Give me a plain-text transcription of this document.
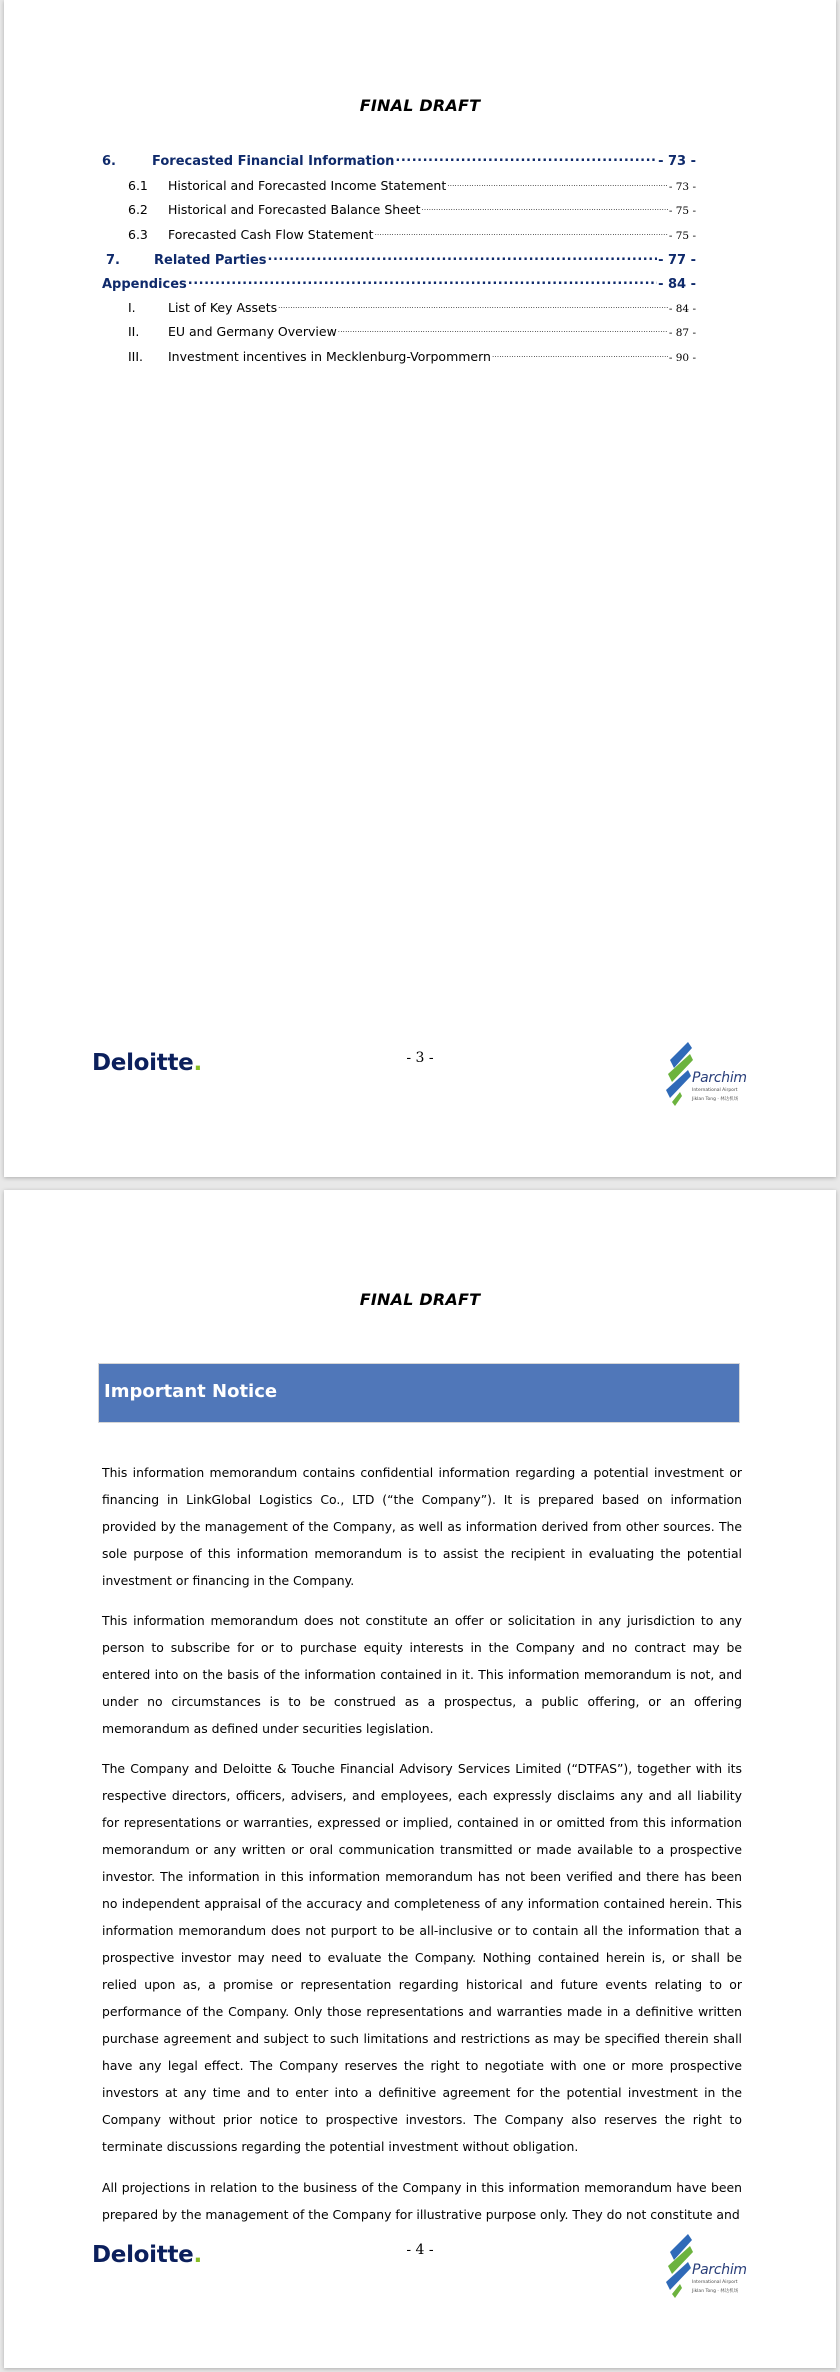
FINAL DRAFT
6.	Forecasted Financial Information .....	- 73 -
6.1	Historical and Forecasted Income Statement .....	- 73 -
6.2	Historical and Forecasted Balance Sheet .....	- 75 -
6.3	Forecasted Cash Flow Statement .....	- 75 -
7.	Related Parties .....	- 77 -
Appendices .....	- 84 -
I.	List of Key Assets .....	- 84 -
II.	EU and Germany Overview .....	- 87 -
III.	Investment incentives in Mecklenburg-Vorpommern .....	- 90 -
Deloitte.	- 3 -
Parchim
International Airport
Jiklan Tong · 林达机场
FINAL DRAFT
Important Notice

This information memorandum contains confidential information regarding a potential investment or financing in LinkGlobal Logistics Co., LTD (“the Company”). It is prepared based on information provided by the management of the Company, as well as information derived from other sources. The sole purpose of this information memorandum is to assist the recipient in evaluating the potential investment or financing in the Company.

This information memorandum does not constitute an offer or solicitation in any jurisdiction to any person to subscribe for or to purchase equity interests in the Company and no contract may be entered into on the basis of the information contained in it. This information memorandum is not, and under no circumstances is to be construed as a prospectus, a public offering, or an offering memorandum as defined under securities legislation.

The Company and Deloitte & Touche Financial Advisory Services Limited (“DTFAS”), together with its respective directors, officers, advisers, and employees, each expressly disclaims any and all liability for representations or warranties, expressed or implied, contained in or omitted from this information memorandum or any written or oral communication transmitted or made available to a prospective investor. The information in this information memorandum has not been verified and there has been no independent appraisal of the accuracy and completeness of any information contained herein. This information memorandum does not purport to be all-inclusive or to contain all the information that a prospective investor may need to evaluate the Company. Nothing contained herein is, or shall be relied upon as, a promise or representation regarding historical and future events relating to or performance of the Company. Only those representations and warranties made in a definitive written purchase agreement and subject to such limitations and restrictions as may be specified therein shall have any legal effect. The Company reserves the right to negotiate with one or more prospective investors at any time and to enter into a definitive agreement for the potential investment in the Company without prior notice to prospective investors. The Company also reserves the right to terminate discussions regarding the potential investment without obligation.

All projections in relation to the business of the Company in this information memorandum have been prepared by the management of the Company for illustrative purpose only. They do not constitute and

Deloitte.	- 4 -
Parchim
International Airport
Jiklan Tong · 林达机场
